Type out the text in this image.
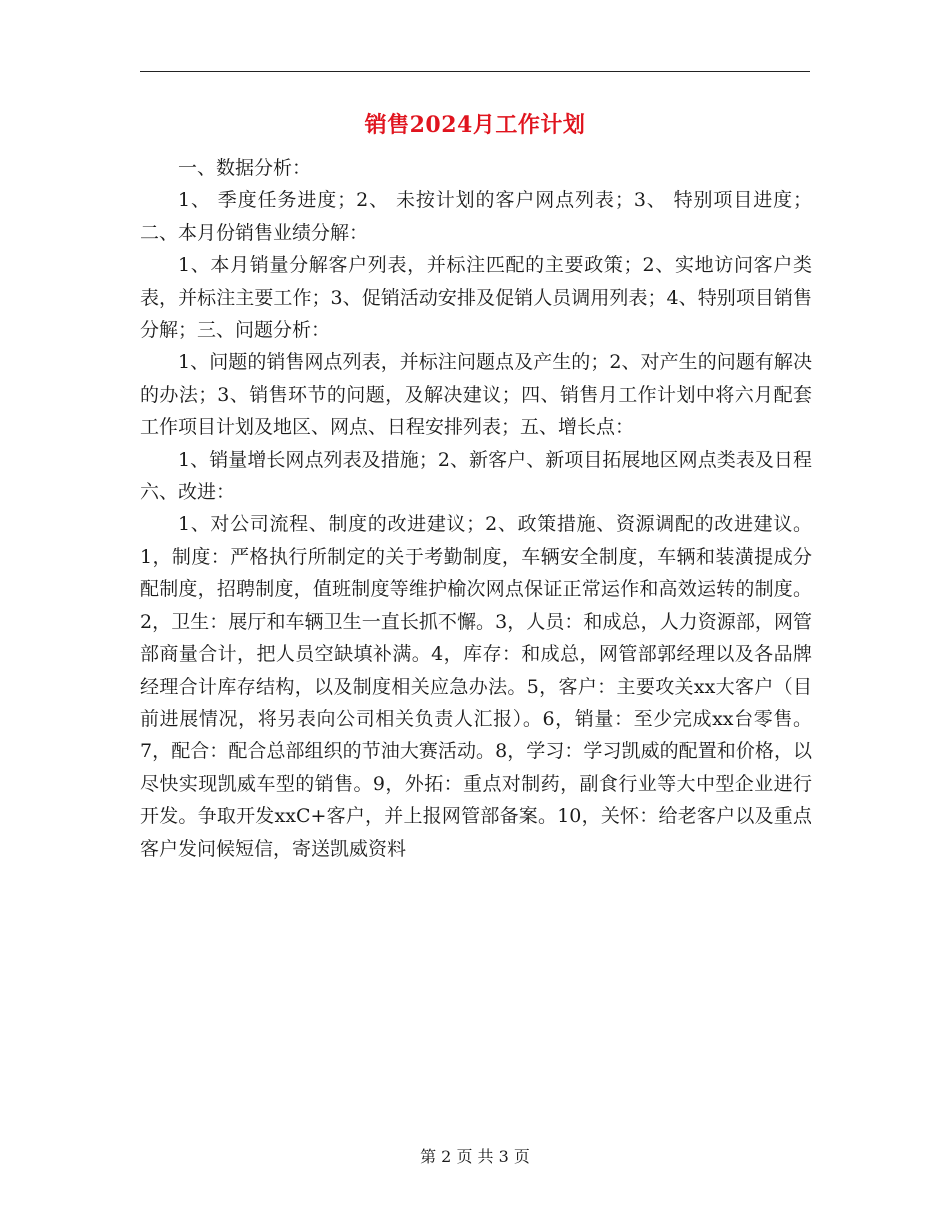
销售2024月工作计划

一、数据分析：

1、 季度任务进度；2、 未按计划的客户网点列表；3、 特别项目进度；二、本月份销售业绩分解：

1、本月销量分解客户列表，并标注匹配的主要政策；2、实地访问客户类表，并标注主要工作；3、促销活动安排及促销人员调用列表；4、特别项目销售分解；三、问题分析：

1、问题的销售网点列表，并标注问题点及产生的；2、对产生的问题有解决的办法；3、销售环节的问题，及解决建议；四、销售月工作计划中将六月配套工作项目计划及地区、网点、日程安排列表；五、增长点：

1、销量增长网点列表及措施；2、新客户、新项目拓展地区网点类表及日程六、改进：

1、对公司流程、制度的改进建议；2、政策措施、资源调配的改进建议。1，制度：严格执行所制定的关于考勤制度，车辆安全制度，车辆和装潢提成分配制度，招聘制度，值班制度等维护榆次网点保证正常运作和高效运转的制度。2，卫生：展厅和车辆卫生一直长抓不懈。3，人员：和成总，人力资源部，网管部商量合计，把人员空缺填补满。4，库存：和成总，网管部郭经理以及各品牌经理合计库存结构，以及制度相关应急办法。5，客户：主要攻关xx大客户（目前进展情况，将另表向公司相关负责人汇报）。6，销量：至少完成xx台零售。7，配合：配合总部组织的节油大赛活动。8，学习：学习凯威的配置和价格，以尽快实现凯威车型的销售。9，外拓：重点对制药，副食行业等大中型企业进行开发。争取开发xxC+客户，并上报网管部备案。10，关怀：给老客户以及重点客户发问候短信，寄送凯威资料

第 2 页 共 3 页
